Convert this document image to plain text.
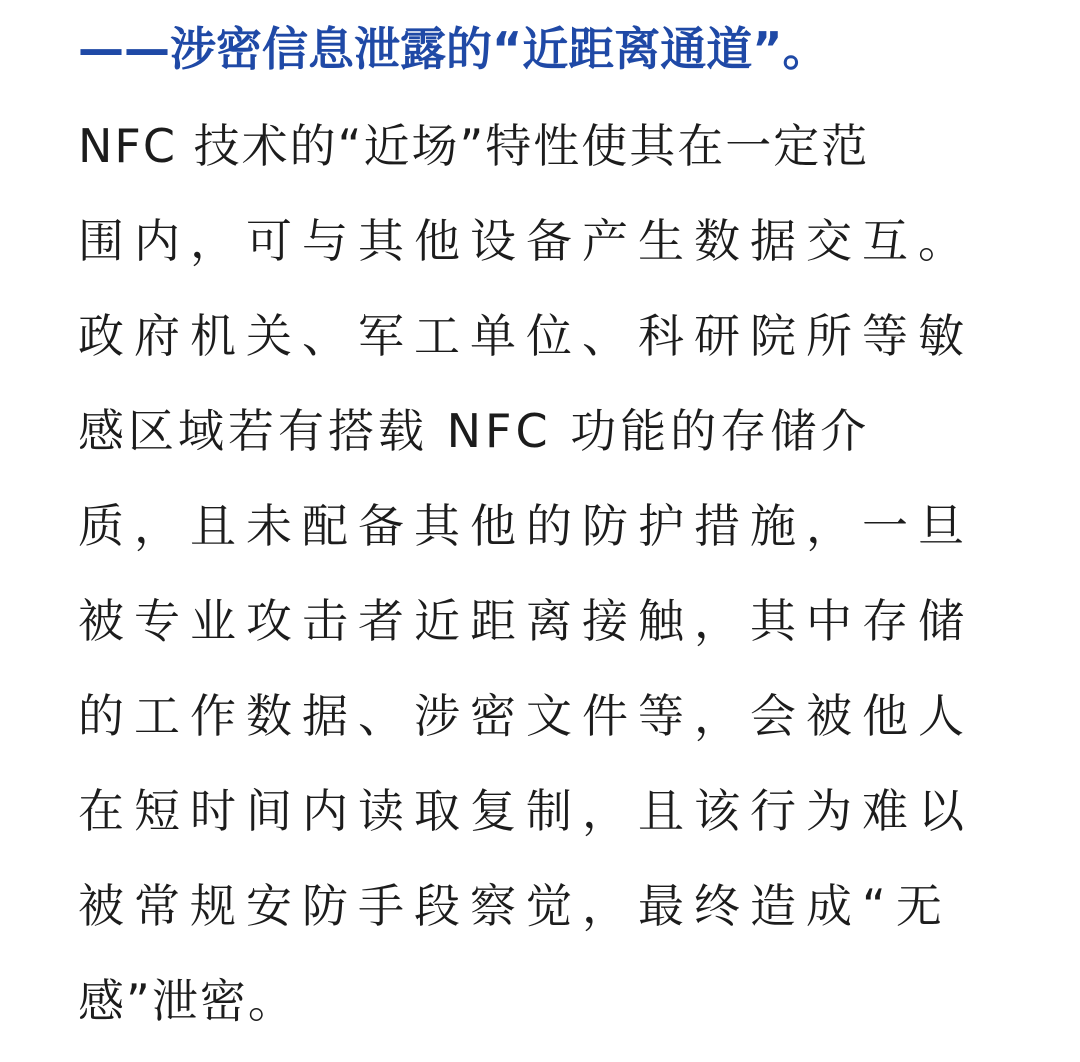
——涉密信息泄露的“近距离通道”。
NFC 技术的“近场”特性使其在一定范
围内，可与其他设备产生数据交互。
政府机关、军工单位、科研院所等敏
感区域若有搭载 NFC 功能的存储介
质，且未配备其他的防护措施，一旦
被专业攻击者近距离接触，其中存储
的工作数据、涉密文件等，会被他人
在短时间内读取复制，且该行为难以
被常规安防手段察觉，最终造成“无
感”泄密。
